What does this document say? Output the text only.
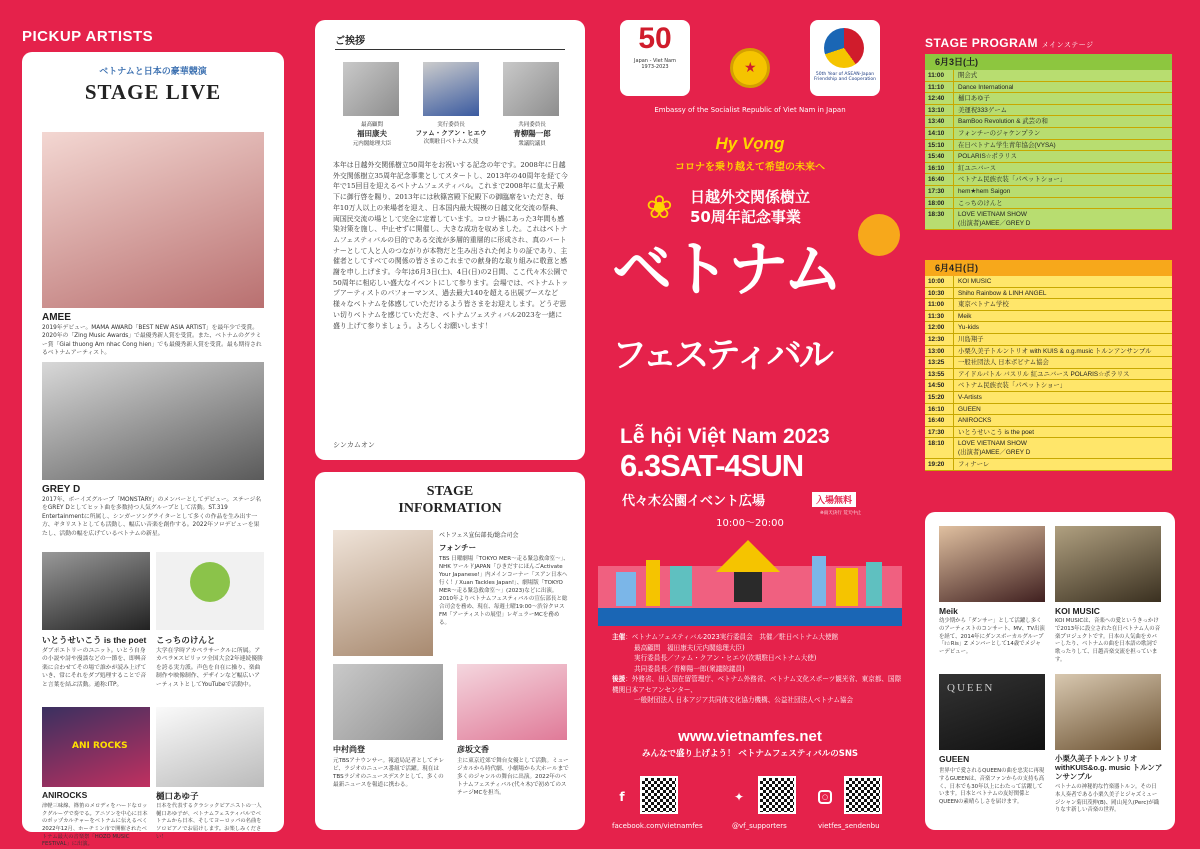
PICKUP ARTISTS
ベトナムと日本の豪華競演
STAGE LIVE
AMEE
2019年デビュー。MAMA AWARD「BEST NEW ASIA ARTIST」を最年少で受賞。2020年の「Zing Music Awards」で最優秀新人賞を受賞。また、ベトナムのグラミー賞「Giai thuong Am nhac Cong hien」でも最優秀新人賞を受賞。最も期待されるベトナムアーティスト。
GREY D
2017年、ボーイズグループ「MONSTARY」のメンバーとしてデビュー。ステージ名をGREY Dとしてヒット曲を多数持つ人気グループとして活動。ST.319 Entertainmentに所属し、シンガーソングライターとして多くの作品を生み出す一方、ギタリストとしても活動し、幅広い音楽を創作する。2022年ソロデビューを果たし、活動の幅を広げているベトナムの新星。
いとうせいこう is the poet こっちのけんと
ダブポエトリーのユニット。いとう自身の小説や詩や漫談などの一節を、即興音楽に合わせてその場で誰かが読み上げていき、常にそれをダブ処理することで音と言葉を結ぶ活動。通称:ITP。
大学在学時アカペラサークルに所属。アカペラ×スピリッツ全国大会2年連続優勝を誇る実力派。声色を自在に操り、楽曲制作や映像制作、デザインなど幅広いアーティストとしてYouTubeで活動中。
ANI ROCKS
ANIROCKS	樋口あゆ子
津軽三味線、篠笛のメロディをハードなロックグルーヴで奏でる。アニソンを中心に日本のポップカルチャーをベトナムに伝えるべく2022年12月、ホーチミン市で開催されたベトナム最大の音楽祭「HOZO MUSIC FESTIVAL」に出演。
日本を代表するクラシックピアニストの一人樋口あゆ子が、ベトナムフェスティバルでベトナムから日本、そしてヨーロッパの名曲をソロピアノでお届けします。お楽しみください！
ご挨拶
最高顧問
福田康夫
元内閣総理大臣
実行委員長
ファム・クアン・ヒエウ
次期駐日ベトナム大使
共同委員長
青柳陽一郎
衆議院議員
本年は日越外交関係樹立50周年をお祝いする記念の年です。2008年に日越外交関係樹立35周年記念事業としてスタートし、2013年の40周年を経て今年で15回目を迎えるベトナムフェスティバル。これまで2008年に皇太子殿下に御行啓を賜り、2013年には秋篠宮殿下紀殿下の御臨席をいただき、毎年10万人以上の来場者を迎え、日本国内最大規模の日越文化交流の祭典、両国民交流の場として完全に定着しています。コロナ禍にあった3年間も感染対策を施し、中止せずに開催し、大きな成功を収めました。これはベトナムフェスティバルの目的である交流が多層的重層的に形成され、真のパートナーとして人と人のつながりが本物だと生み出された何よりの証であり、主催者としてすべての関係の皆さまのこれまでの献身的な取り組みに敬意と感謝を申し上げます。今年は6月3日(土)、4日(日)の2日間、ここ代々木公園で50周年に相応しい盛大なイベントにして参ります。会場では、ベトナムトップアーティストのパフォーマンス、過去最大140を超える出展ブースなど様々なベトナムを体感していただけるよう皆さまをお迎えします。どうぞ思い切りベトナムを感じていただき、ベトナムフェスティバル2023を一緒に盛り上げて参りましょう。よろしくお願いします！
シンカムオン
STAGE
INFORMATION
ベトフェス宣伝部長/総合司会
フォンチー
TBS 日曜劇場「TOKYO MER～走る緊急救命室～」、NHK ワールドJAPAN「ひきだすにほんごActivate Your Japanese!」内メインコーナー「スアン日本へ行く！/ Xuan Tackles Japan!」、劇場版「TOKYO MER～走る緊急救命室～」(2023)などに出演。2010年よりベトナムフェスティバルの宣伝部長と総合司会を務め、現在、毎週土曜19:00～渋谷クロスFM「アーティストの展望」レギュラーMCを務める。
中村尚登	彦坂文香
元TBSアナウンサー。報道局記者としてテレビ、ラジオのニュース番組で活躍。現在はTBSラジオのニュースデスクとして、多くの最新ニュースを報道に携わる。
主に東京近郊で舞台女優として活動。ミュージカルから時代劇、小劇場から大ホールまで多くのジャンルの舞台に出演。2022年のベトナムフェスティバル(代々木)で初めてのステージMCを担当。
50
Japan - Viet Nam
1973-2023	★	50th Year of ASEAN-Japan Friendship and Cooperation
Embassy of the Socialist Republic of Viet Nam in Japan
Hy Vọng
コロナを乗り越えて希望の未来へ
❀	日越外交関係樹立
50周年記念事業
ベトナム
フェスティバル
Lễ hội Việt Nam 2023
6.3SAT-4SUN
代々木公園イベント広場	入場無料
※雨天決行 荒天中止
10:00～20:00
主催：ベトナムフェスティバル2023実行委員会　共催／駐日ベトナム大使館
最高顧問　福田康夫(元内閣総理大臣)
実行委員長／ファム・クアン・ヒエウ(次期駐日ベトナム大使)
共同委員長／青柳陽一郎(衆議院議員)
後援：外務省、出入国在留管理庁、ベトナム外務省、ベトナム文化スポーツ観光省、東京都、国際機関日本アセアンセンター、
一般財団法人 日本アジア共同体文化協力機構、公益社団法人ベトナム協会
www.vietnamfes.net
みんなで盛り上げよう！ ベトナムフェスティバルのSNS
f	✦	○
facebook.com/vietnamfes	@vf_supporters	vietfes_sendenbu
STAGE PROGRAM メインステージ
6月3日(土)
11:00	開会式
11:10	Dance International
12:40	樋口あゆ子
13:10	美運祝333ゲーム
13:40	BamBoo Revolution & 武芸の和
14:10	フォンチーのジャケンプラン
15:10	在日ベトナム学生青年協会(VYSA)
15:40	POLARIS☆ポラリス
16:10	紅ユニバース
16:40	ベトナム民族衣装「パペットショー」
17:30	hem★hem Saigon
18:00	こっちのけんと
18:30	LOVE VIETNAM SHOW
(出演者)AMEE／GREY D
6月4日(日)
10:00	KOI MUSIC
10:30	Shiho Rainbow & LINH ANGEL
11:00	東京ベトナム学校
11:30	Meik
12:00	Yu-kids
12:30	川島翔子
13:00	小栗久美子トルントリオ with KUIS & o.g.music トルンアンサンブル
13:25	一般社団法人 日本ボビナム協会
13:55	アイドルパトル バスリル 紅ユニバース POLARIS☆ポラリス
14:50	ベトナム民族衣装「パペットショー」
15:20	V-Artists
16:10	GUEEN
16:40	ANIROCKS
17:30	いとうせいこう is the poet
18:10	LOVE VIETNAM SHOW
(出演者)AMEE／GREY D
19:20	フィナーレ
Meik	KOI MUSIC
幼少期から「ダンサー」として活躍し多くのアーティストのコンサート、MV、TV出演を経て、2014年にダンスボーカルグループ「i☆Ris」Z メンバーとして14歳でメジャーデビュー。
KOI MUSICは、音楽への愛というきっかけで2013年に設立された在日ベトナム人の音楽プロジェクトです。日本の人気曲をカバーしたり、ベトナムの曲を日本語の歌詞で歌ったりして、日越音楽交流を担っています。
QUEEN
GUEEN	小栗久美子トルントリオ withKUIS&o.g. music トルンアンサンブル
世界中で愛されるQUEENの曲を忠実に再現するGUEENは、音楽ファンからの支持も高く、日本でも30年以上にわたって活躍しています。日本とベトナムの友好関係とQUEENの素晴らしさを届けます。
ベトナムの神秘的な竹楽器トルン。その日本人奏者である小栗久美子とジャズミュージシャン菊田茂伸(B)、岡山晃久(Perc)が織りなす新しい音楽の世界。
